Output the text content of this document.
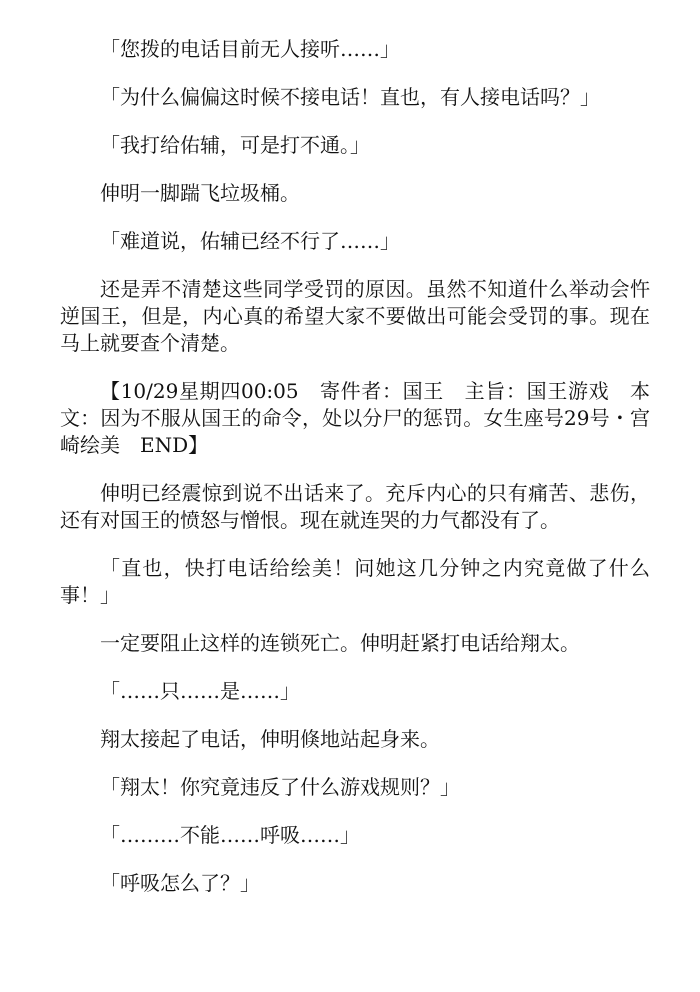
「您拨的电话目前无人接听……」

「为什么偏偏这时候不接电话！直也，有人接电话吗？」

「我打给佑辅，可是打不通。」

伸明一脚踹飞垃圾桶。

「难道说，佑辅已经不行了……」

还是弄不清楚这些同学受罚的原因。虽然不知道什么举动会忤逆国王，但是，内心真的希望大家不要做出可能会受罚的事。现在马上就要查个清楚。

【10/29星期四00:05　寄件者：国王　主旨：国王游戏　本文：因为不服从国王的命令，处以分尸的惩罚。女生座号29号・宫崎绘美　END】

伸明已经震惊到说不出话来了。充斥内心的只有痛苦、悲伤，还有对国王的愤怒与憎恨。现在就连哭的力气都没有了。

「直也，快打电话给绘美！问她这几分钟之内究竟做了什么事！」

一定要阻止这样的连锁死亡。伸明赶紧打电话给翔太。

「……只……是……」

翔太接起了电话，伸明倏地站起身来。

「翔太！你究竟违反了什么游戏规则？」

「………不能……呼吸……」

「呼吸怎么了？」
